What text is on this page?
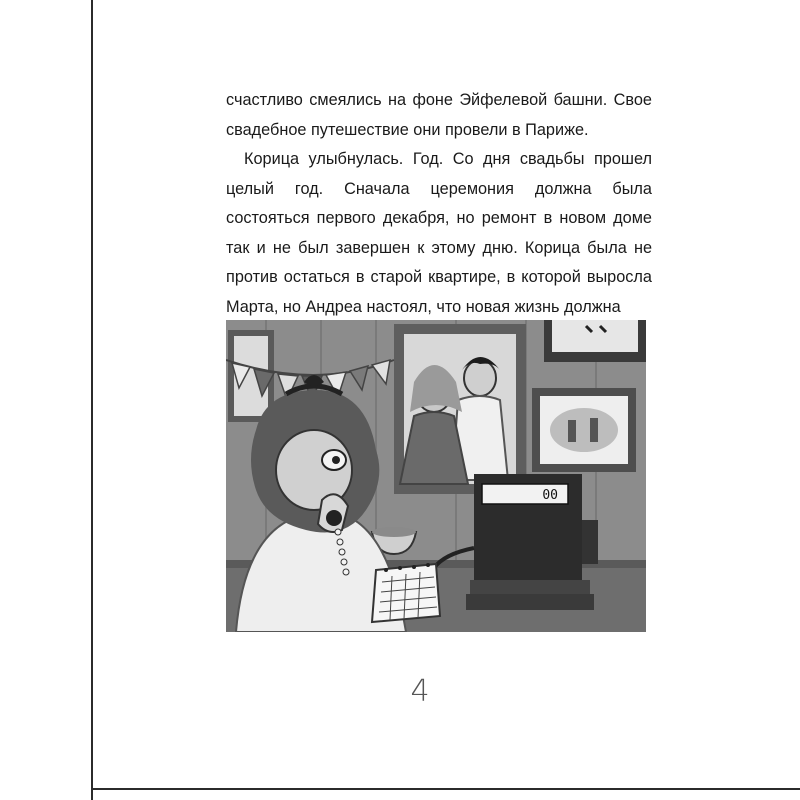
счастливо смеялись на фоне Эйфелевой башни. Свое свадебное путешествие они провели в Париже.

Корица улыбнулась. Год. Со дня свадьбы прошел целый год. Сначала церемония должна была состояться первого декабря, но ремонт в новом доме так и не был завершен к этому дню. Корица была не против остаться в старой квартире, в которой выросла Марта, но Андреа настоял, что новая жизнь должна

00
4
